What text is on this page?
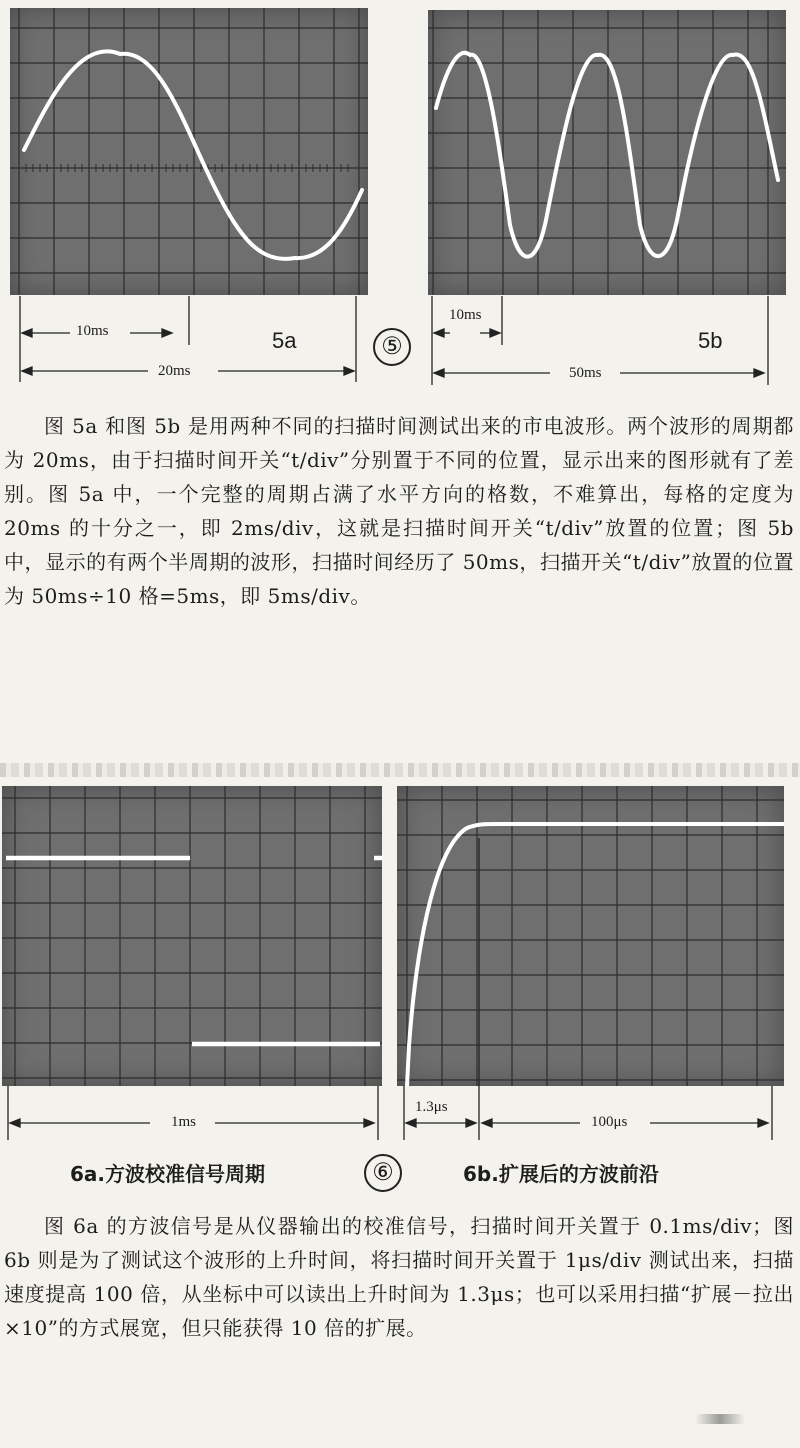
10ms
20ms
5a	⑤
10ms
50ms
5b

图 5a 和图 5b 是用两种不同的扫描时间测试出来的市电波形。两个波形的周期都为 20ms，由于扫描时间开关“t/div”分别置于不同的位置，显示出来的图形就有了差别。图 5a 中，一个完整的周期占满了水平方向的格数，不难算出，每格的定度为 20ms 的十分之一，即 2ms/div，这就是扫描时间开关“t/div”放置的位置；图 5b 中，显示的有两个半周期的波形，扫描时间经历了 50ms，扫描开关“t/div”放置的位置为 50ms÷10 格=5ms，即 5ms/div。

1ms
1.3μs
100μs
6a.方波校准信号周期	⑥	6b.扩展后的方波前沿

图 6a 的方波信号是从仪器输出的校准信号，扫描时间开关置于 0.1ms/div；图 6b 则是为了测试这个波形的上升时间，将扫描时间开关置于 1μs/div 测试出来，扫描速度提高 100 倍，从坐标中可以读出上升时间为 1.3μs；也可以采用扫描“扩展－拉出×10”的方式展宽，但只能获得 10 倍的扩展。
